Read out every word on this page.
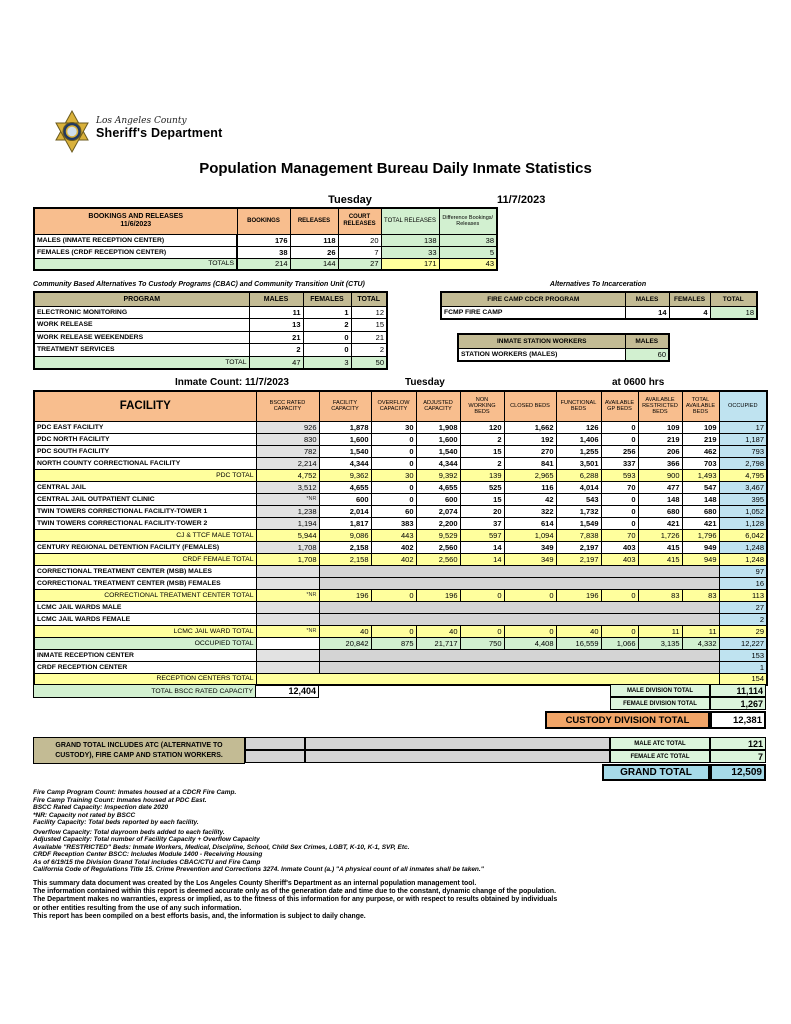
Los Angeles County
Sheriff's Department
Population Management Bureau Daily Inmate Statistics
Tuesday	11/7/2023
BOOKINGS AND RELEASES
11/6/2023	BOOKINGS	RELEASES	COURT RELEASES	TOTAL RELEASES	Difference Bookings/ Releases
MALES (INMATE RECEPTION CENTER)	176	118	20	138	38
FEMALES (CRDF RECEPTION CENTER)	38	26	7	33	5
TOTALS	214	144	27	171	43
Community Based Alternatives To Custody Programs (CBAC) and Community Transition Unit (CTU)
PROGRAM	MALES	FEMALES	TOTAL
ELECTRONIC MONITORING	11	1	12
WORK RELEASE	13	2	15
WORK RELEASE WEEKENDERS	21	0	21
TREATMENT SERVICES	2	0	2
TOTAL	47	3	50
Alternatives To Incarceration
FIRE CAMP CDCR PROGRAM	MALES	FEMALES	TOTAL
FCMP FIRE CAMP	14	4	18
INMATE STATION WORKERS	MALES
STATION WORKERS (MALES)	60
Inmate Count: 11/7/2023	Tuesday	at 0600 hrs
FACILITY	BSCC RATED CAPACITY	FACILITY CAPACITY	OVERFLOW CAPACITY	ADJUSTED CAPACITY	NON WORKING BEDS	CLOSED BEDS	FUNCTIONAL BEDS	AVAILABLE GP BEDS	AVAILABLE RESTRICTED BEDS	TOTAL AVAILABLE BEDS	OCCUPIED
PDC EAST FACILITY	926	1,878	30	1,908	120	1,662	126	0	109	109	17
PDC NORTH FACILITY	830	1,600	0	1,600	2	192	1,406	0	219	219	1,187
PDC SOUTH FACILITY	782	1,540	0	1,540	15	270	1,255	256	206	462	793
NORTH COUNTY CORRECTIONAL FACILITY	2,214	4,344	0	4,344	2	841	3,501	337	366	703	2,798
PDC TOTAL	4,752	9,362	30	9,392	139	2,965	6,288	593	900	1,493	4,795
CENTRAL JAIL	3,512	4,655	0	4,655	525	116	4,014	70	477	547	3,467
CENTRAL JAIL OUTPATIENT CLINIC	*NR	600	0	600	15	42	543	0	148	148	395
TWIN TOWERS CORRECTIONAL FACILITY-TOWER 1	1,238	2,014	60	2,074	20	322	1,732	0	680	680	1,052
TWIN TOWERS CORRECTIONAL FACILITY-TOWER 2	1,194	1,817	383	2,200	37	614	1,549	0	421	421	1,128
CJ & TTCF MALE TOTAL	5,944	9,086	443	9,529	597	1,094	7,838	70	1,726	1,796	6,042
CENTURY REGIONAL DETENTION FACILITY (FEMALES)	1,708	2,158	402	2,560	14	349	2,197	403	415	949	1,248
CRDF FEMALE TOTAL	1,708	2,158	402	2,560	14	349	2,197	403	415	949	1,248
CORRECTIONAL TREATMENT CENTER (MSB) MALES											97
CORRECTIONAL TREATMENT CENTER (MSB) FEMALES											16
CORRECTIONAL TREATMENT CENTER TOTAL	*NR	196	0	196	0	0	196	0	83	83	113
LCMC JAIL WARDS MALE											27
LCMC JAIL WARDS FEMALE											2
LCMC JAIL WARD TOTAL	*NR	40	0	40	0	0	40	0	11	11	29
OCCUPIED TOTAL		20,842	875	21,717	750	4,408	16,559	1,066	3,135	4,332	12,227
INMATE RECEPTION CENTER											153
CRDF RECEPTION CENTER											1
RECEPTION CENTERS TOTAL											154
TOTAL BSCC RATED CAPACITY	12,404	MALE DIVISION TOTAL	11,114
FEMALE DIVISION TOTAL	1,267
CUSTODY DIVISION TOTAL	12,381
GRAND TOTAL INCLUDES ATC (ALTERNATIVE TO
CUSTODY), FIRE CAMP AND STATION WORKERS.
MALE ATC TOTAL	121
FEMALE ATC TOTAL	7
GRAND TOTAL	12,509
Fire Camp Program Count: Inmates housed at a CDCR Fire Camp.
Fire Camp Training Count: Inmates housed at PDC East.
BSCC Rated Capacity: Inspection date 2020
*NR: Capacity not rated by BSCC
Facility Capacity: Total beds reported by each facility.
Overflow Capacity: Total dayroom beds added to each facility.
Adjusted Capacity: Total number of Facility Capacity + Overflow Capacity
Available "RESTRICTED" Beds: Inmate Workers, Medical, Discipline, School, Child Sex Crimes, LGBT, K-10, K-1, SVP, Etc.
CRDF Reception Center BSCC: Includes Module 1400 - Receiving Housing
As of 6/19/15 the Division Grand Total includes CBAC/CTU and Fire Camp
California Code of Regulations Title 15. Crime Prevention and Corrections 3274. Inmate Count (a.) "A physical count of all inmates shall be taken."
This summary data document was created by the Los Angeles County Sheriff's Department as an internal population management tool.
The information contained within this report is deemed accurate only as of the generation date and time due to the constant, dynamic change of the population.
The Department makes no warranties, express or implied, as to the fitness of this information for any purpose, or with respect to results obtained by individuals
or other entities resulting from the use of any such information.
This report has been compiled on a best efforts basis, and, the information is subject to daily change.
